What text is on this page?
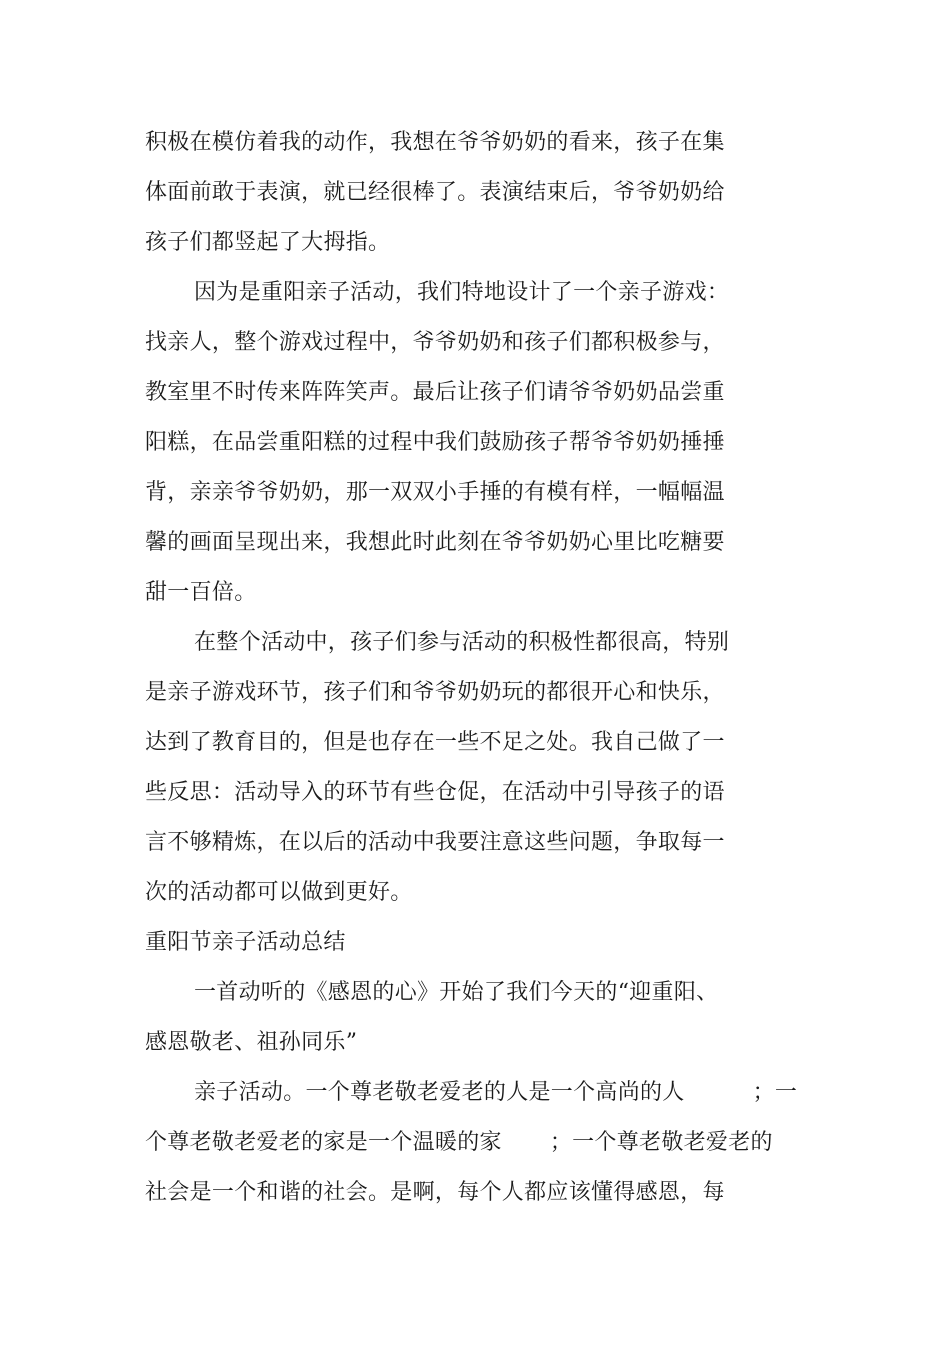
积极在模仿着我的动作，我想在爷爷奶奶的看来，孩子在集
体面前敢于表演，就已经很棒了。表演结束后，爷爷奶奶给
孩子们都竖起了大拇指。
因为是重阳亲子活动，我们特地设计了一个亲子游戏：
找亲人，整个游戏过程中，爷爷奶奶和孩子们都积极参与，
教室里不时传来阵阵笑声。最后让孩子们请爷爷奶奶品尝重
阳糕，在品尝重阳糕的过程中我们鼓励孩子帮爷爷奶奶捶捶
背，亲亲爷爷奶奶，那一双双小手捶的有模有样，一幅幅温
馨的画面呈现出来，我想此时此刻在爷爷奶奶心里比吃糖要
甜一百倍。
在整个活动中，孩子们参与活动的积极性都很高，特别
是亲子游戏环节，孩子们和爷爷奶奶玩的都很开心和快乐，
达到了教育目的，但是也存在一些不足之处。我自己做了一
些反思：活动导入的环节有些仓促，在活动中引导孩子的语
言不够精炼，在以后的活动中我要注意这些问题，争取每一
次的活动都可以做到更好。
重阳节亲子活动总结
一首动听的《感恩的心》开始了我们今天的“迎重阳、
感恩敬老、祖孙同乐”
亲子活动。一个尊老敬老爱老的人是一个高尚的人	；一
个尊老敬老爱老的家是一个温暖的家 ；一个尊老敬老爱老的
社会是一个和谐的社会。是啊，每个人都应该懂得感恩，每
